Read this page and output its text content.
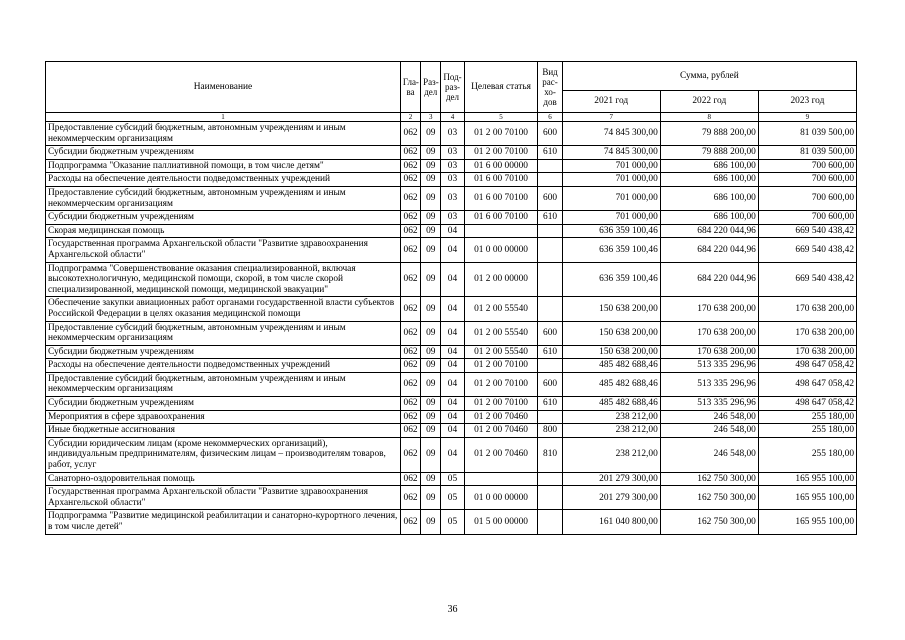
Наименование	Гла-ва	Раз-дел	Под-раз-дел	Целевая статья	Вид рас-хо-дов	Сумма, рублей		
						2021 год	2022 год	2023 год
1	2	3	4	5	6	7	8	9
Предоставление субсидий бюджетным, автономным учреждениям и иным некоммерческим организациям	062	09	03	01 2 00 70100	600	74 845 300,00	79 888 200,00	81 039 500,00
Субсидии бюджетным учреждениям	062	09	03	01 2 00 70100	610	74 845 300,00	79 888 200,00	81 039 500,00
Подпрограмма "Оказание паллиативной помощи, в том числе детям"	062	09	03	01 6 00 00000		701 000,00	686 100,00	700 600,00
Расходы на обеспечение деятельности подведомственных учреждений	062	09	03	01 6 00 70100		701 000,00	686 100,00	700 600,00
Предоставление субсидий бюджетным, автономным учреждениям и иным некоммерческим организациям	062	09	03	01 6 00 70100	600	701 000,00	686 100,00	700 600,00
Субсидии бюджетным учреждениям	062	09	03	01 6 00 70100	610	701 000,00	686 100,00	700 600,00
Скорая медицинская помощь	062	09	04			636 359 100,46	684 220 044,96	669 540 438,42
Государственная программа Архангельской области "Развитие здравоохранения Архангельской области"	062	09	04	01 0 00 00000		636 359 100,46	684 220 044,96	669 540 438,42
Подпрограмма "Совершенствование оказания специализированной, включая высокотехнологичную, медицинской помощи, скорой, в том числе скорой специализированной, медицинской помощи, медицинской эвакуации"	062	09	04	01 2 00 00000		636 359 100,46	684 220 044,96	669 540 438,42
Обеспечение закупки авиационных работ органами государственной власти субъектов Российской Федерации в целях оказания медицинской помощи	062	09	04	01 2 00 55540		150 638 200,00	170 638 200,00	170 638 200,00
Предоставление субсидий бюджетным, автономным учреждениям и иным некоммерческим организациям	062	09	04	01 2 00 55540	600	150 638 200,00	170 638 200,00	170 638 200,00
Субсидии бюджетным учреждениям	062	09	04	01 2 00 55540	610	150 638 200,00	170 638 200,00	170 638 200,00
Расходы на обеспечение деятельности подведомственных учреждений	062	09	04	01 2 00 70100		485 482 688,46	513 335 296,96	498 647 058,42
Предоставление субсидий бюджетным, автономным учреждениям и иным некоммерческим организациям	062	09	04	01 2 00 70100	600	485 482 688,46	513 335 296,96	498 647 058,42
Субсидии бюджетным учреждениям	062	09	04	01 2 00 70100	610	485 482 688,46	513 335 296,96	498 647 058,42
Мероприятия в сфере здравоохранения	062	09	04	01 2 00 70460		238 212,00	246 548,00	255 180,00
Иные бюджетные ассигнования	062	09	04	01 2 00 70460	800	238 212,00	246 548,00	255 180,00
Субсидии юридическим лицам (кроме некоммерческих организаций), индивидуальным предпринимателям, физическим лицам – производителям товаров, работ, услуг	062	09	04	01 2 00 70460	810	238 212,00	246 548,00	255 180,00
Санаторно-оздоровительная помощь	062	09	05			201 279 300,00	162 750 300,00	165 955 100,00
Государственная программа Архангельской области "Развитие здравоохранения Архангельской области"	062	09	05	01 0 00 00000		201 279 300,00	162 750 300,00	165 955 100,00
Подпрограмма "Развитие медицинской реабилитации и санаторно-курортного лечения, в том числе детей"	062	09	05	01 5 00 00000		161 040 800,00	162 750 300,00	165 955 100,00
36
